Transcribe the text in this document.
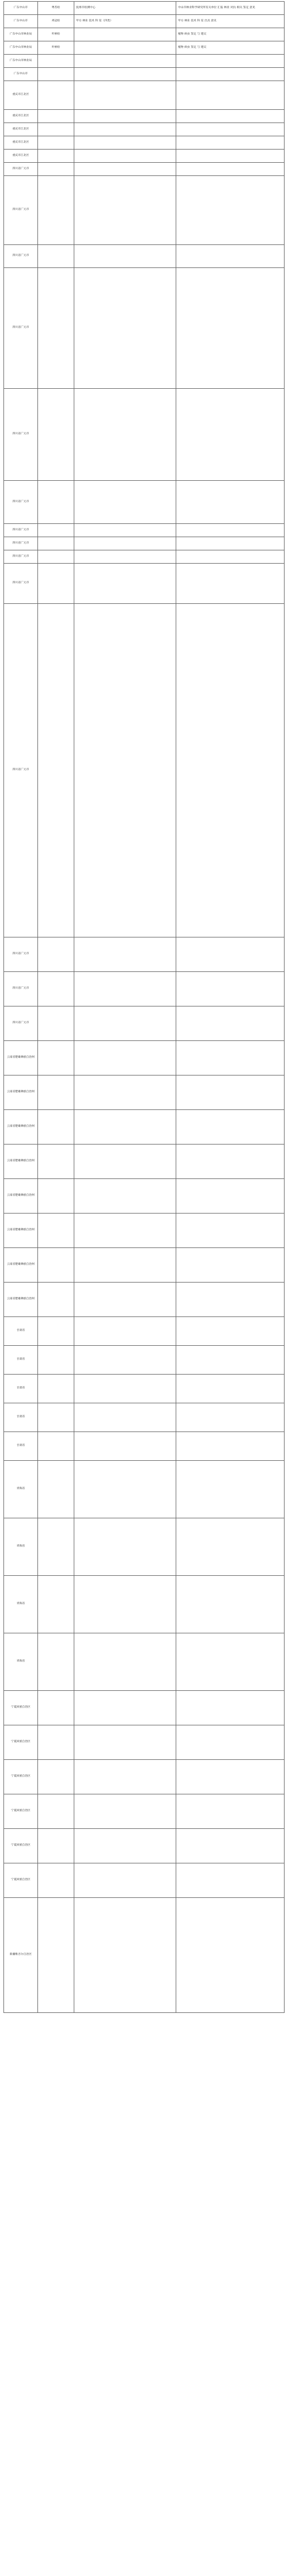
广东中山市	粤苏检	抚州市检测中心	中山市林业科学研究所有关单位 汇报 林业 对抗 相关 鉴定 意见
广东中山市	鸡冠检	甲方 林业 技术 科 室（四类）	甲方 林业 技术 科 室 出具 意见
广东中山市林业局	叶柄检		植物 病虫 鉴定 与 建议
广东中山市林业局	叶柄检		植物 病虫 鉴定 与 建议
广东中山市林业局			
广东中山市			
重庆市江北区			
重庆市江北区			
重庆市江北区			
重庆市江北区			
重庆市江北区			
四川省广元市			
四川省广元市			
四川省广元市			
四川省广元市			
四川省广元市			
四川省广元市			
四川省广元市			
四川省广元市			
四川省广元市			
四川省广元市			
四川省广元市			
四川省广元市			
四川省广元市			
四川省广元市			
云南省楚雄彝族自治州			
云南省楚雄彝族自治州			
云南省楚雄彝族自治州			
云南省楚雄彝族自治州			
云南省楚雄彝族自治州			
云南省楚雄彝族自治州			
云南省楚雄彝族自治州			
云南省楚雄彝族自治州			
甘肃省			
甘肃省			
甘肃省			
甘肃省			
甘肃省			
青海省			
青海省			
青海省			
青海省			
宁夏回族自治区			
宁夏回族自治区			
宁夏回族自治区			
宁夏回族自治区			
宁夏回族自治区			
宁夏回族自治区			
新疆维吾尔自治区			
